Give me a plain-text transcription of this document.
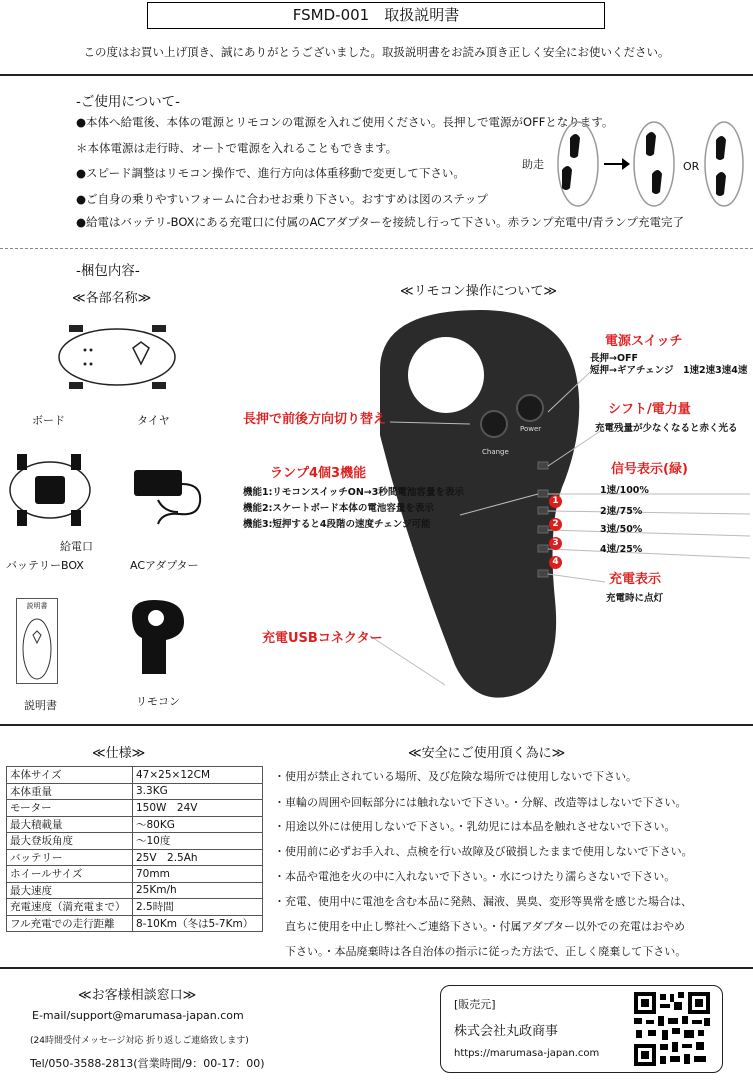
FSMD-001　取扱説明書
この度はお買い上げ頂き、誠にありがとうございました。取扱説明書をお読み頂き正しく安全にお使いください。
-ご使用について-
●本体へ給電後、本体の電源とリモコンの電源を入れご使用ください。長押しで電源がOFFとなります。
＊本体電源は走行時、オートで電源を入れることもできます。
●スピード調整はリモコン操作で、進行方向は体重移動で変更して下さい。
●ご自身の乗りやすいフォームに合わせお乗り下さい。おすすめは図のステップ
●給電はバッテリ-BOXにある充電口に付属のACアダプターを接続し行って下さい。赤ランプ充電中/青ランプ充電完了
助走	OR
-梱包内容-
≪各部名称≫
ボード	タイヤ
給電口
バッテリーBOX	ACアダプター
説明書
説明書	リモコン
≪リモコン操作について≫
Change
Power
1
2
3
4
電源スイッチ
長押→OFF
短押→ギアチェンジ　1速2速3速4速
シフト/電力量
充電残量が少なくなると赤く光る
長押で前後方向切り替え
ランプ4個3機能
機能1:リモコンスイッチON→3秒間電池容量を表示
機能2:スケートボード本体の電池容量を表示
機能3:短押すると4段階の速度チェンジ可能
信号表示(緑)
1速/100%
2速/75%
3速/50%
4速/25%
充電表示
充電時に点灯
充電USBコネクター
≪仕様≫
本体サイズ	47×25×12CM
本体重量	3.3KG
モーター	150W　24V
最大積載量	～80KG
最大登坂角度	～10度
バッテリー	25V　2.5Ah
ホイールサイズ	70mm
最大速度	25Km/h
充電速度（満充電まで）	2.5時間
フル充電での走行距離	8-10Km（冬は5-7Km）
≪安全にご使用頂く為に≫
・使用が禁止されている場所、及び危険な場所では使用しないで下さい。
・車輪の周囲や回転部分には触れないで下さい。・分解、改造等はしないで下さい。
・用途以外には使用しないで下さい。・乳幼児には本品を触れさせないで下さい。
・使用前に必ずお手入れ、点検を行い故障及び破損したままで使用しないで下さい。
・本品や電池を火の中に入れないで下さい。・水につけたり濡らさないで下さい。
・充電、使用中に電池を含む本品に発熱、漏液、異臭、変形等異常を感じた場合は、
　直ちに使用を中止し弊社へご連絡下さい。・付属アダプター以外での充電はおやめ
　下さい。・本品廃棄時は各自治体の指示に従った方法で、正しく廃棄して下さい。
≪お客様相談窓口≫
E-mail/support@marumasa-japan.com
(24時間受付メッセージ対応 折り返しご連絡致します)
Tel/050-3588-2813(営業時間/9：00-17：00)
[販売元]
株式会社丸政商事
https://marumasa-japan.com
